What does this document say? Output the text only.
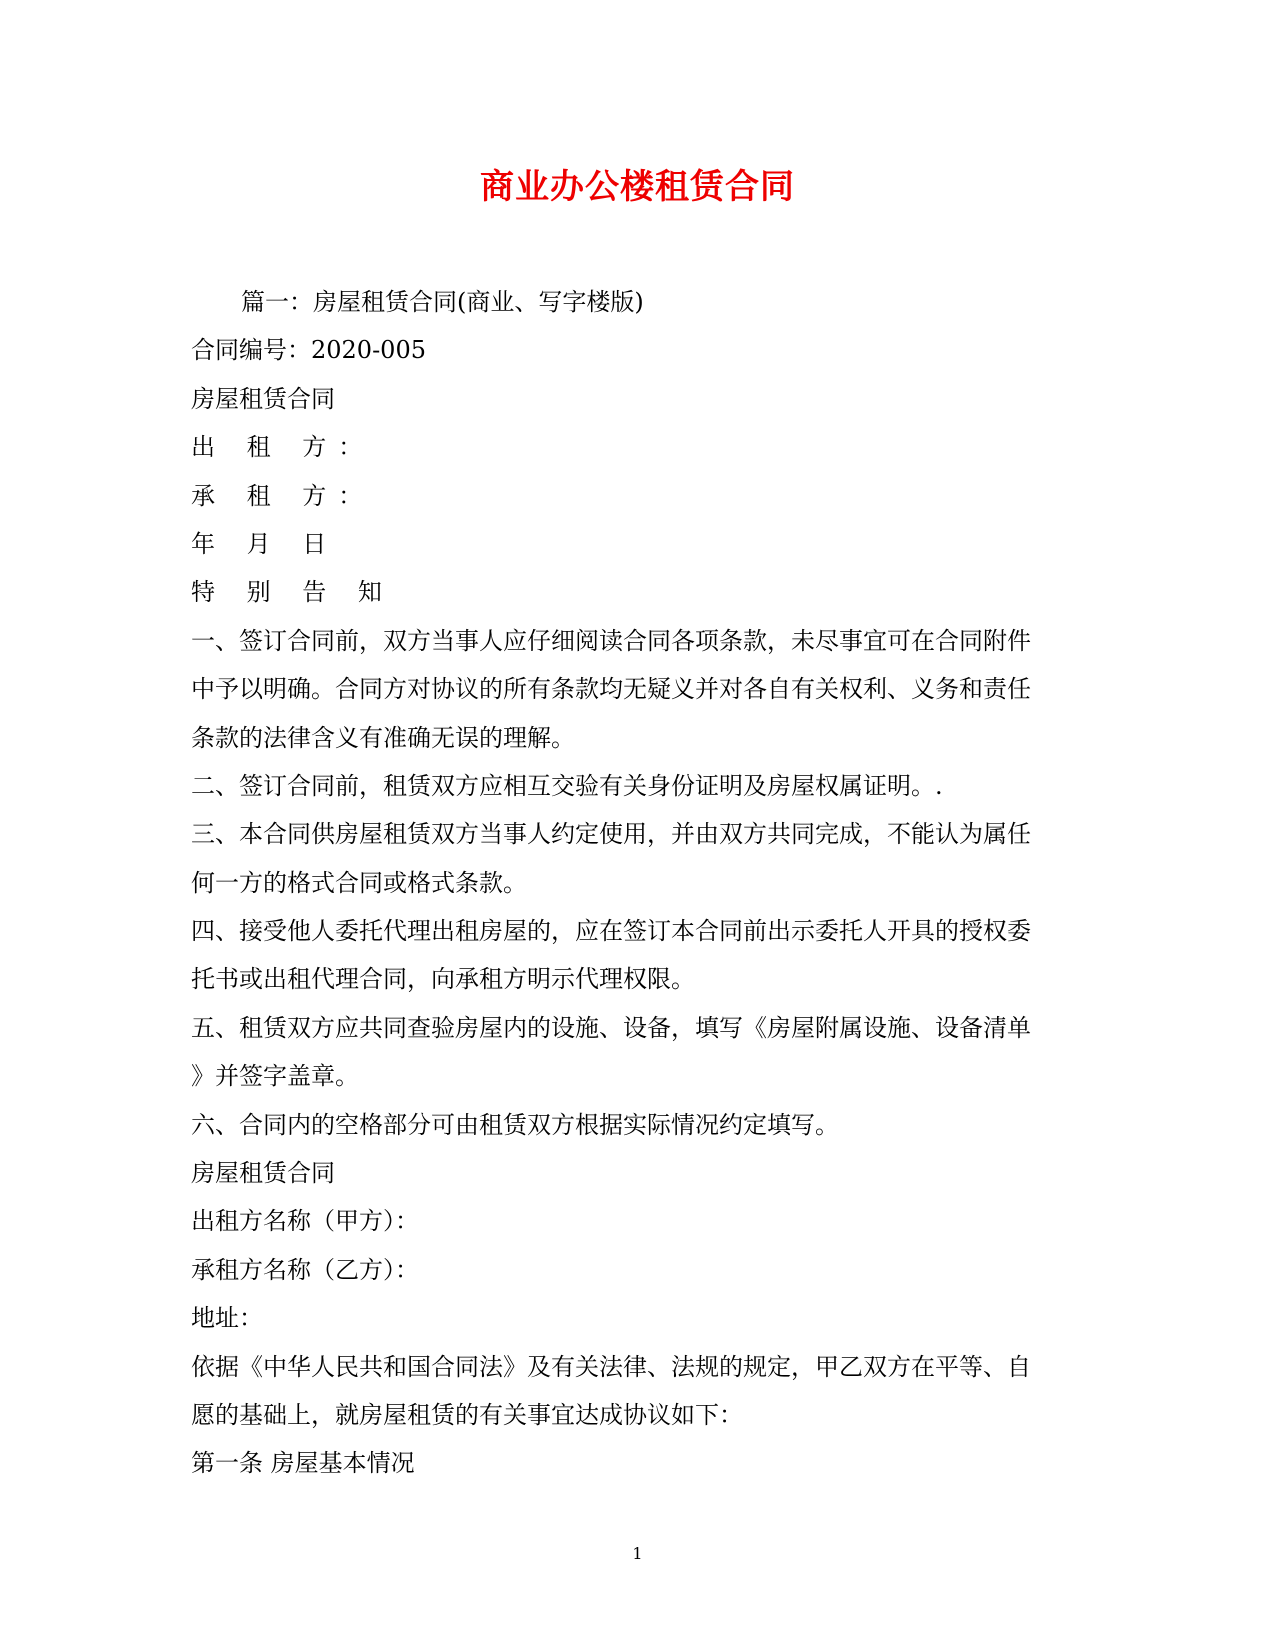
商业办公楼租赁合同
篇一：房屋租赁合同(商业、写字楼版)
合同编号：2020-005
房屋租赁合同
出 租 方：
承 租 方：
年 月 日
特 别 告 知
一、签订合同前，双方当事人应仔细阅读合同各项条款，未尽事宜可在合同附件
中予以明确。合同方对协议的所有条款均无疑义并对各自有关权利、义务和责任
条款的法律含义有准确无误的理解。
二、签订合同前，租赁双方应相互交验有关身份证明及房屋权属证明。.
三、本合同供房屋租赁双方当事人约定使用，并由双方共同完成，不能认为属任
何一方的格式合同或格式条款。
四、接受他人委托代理出租房屋的，应在签订本合同前出示委托人开具的授权委
托书或出租代理合同，向承租方明示代理权限。
五、租赁双方应共同查验房屋内的设施、设备，填写《房屋附属设施、设备清单
》并签字盖章。
六、合同内的空格部分可由租赁双方根据实际情况约定填写。
房屋租赁合同
出租方名称（甲方）：
承租方名称（乙方）：
地址：
依据《中华人民共和国合同法》及有关法律、法规的规定，甲乙双方在平等、自
愿的基础上，就房屋租赁的有关事宜达成协议如下：
第一条 房屋基本情况
1
